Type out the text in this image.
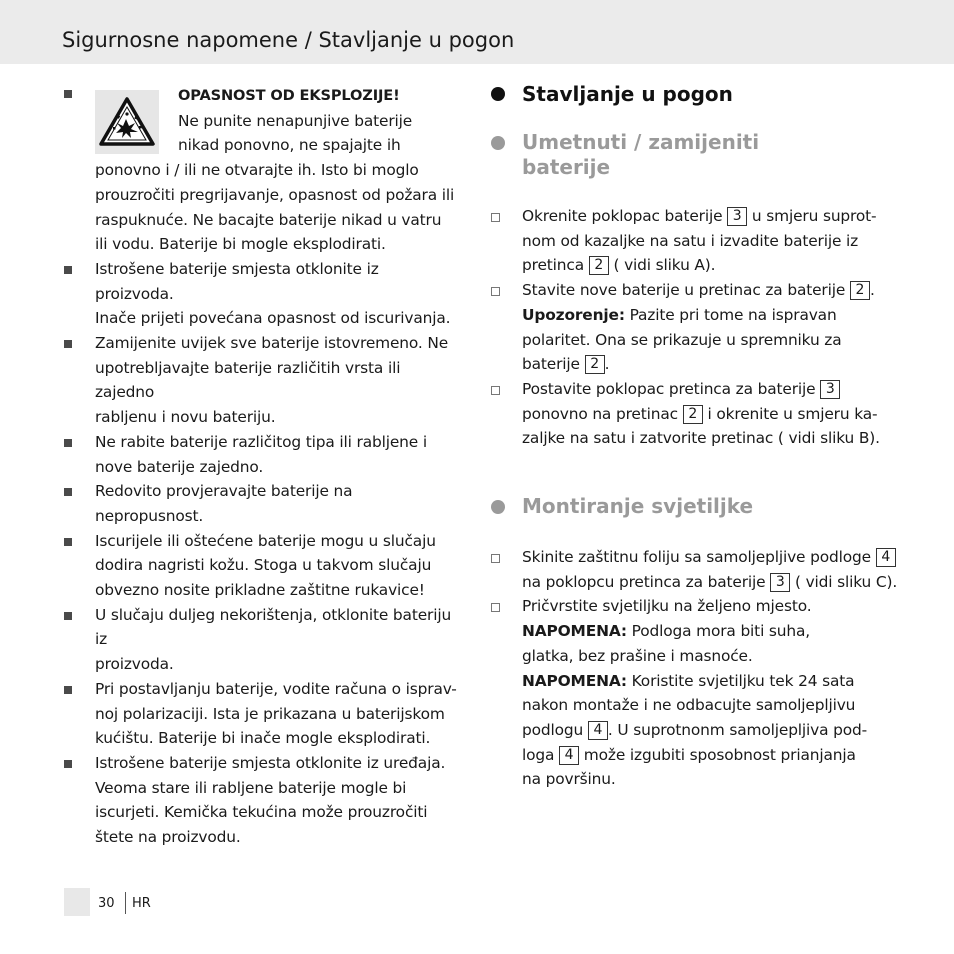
Sigurnosne napomene / Stavljanje u pogon
OPASNOST OD EKSPLOZIJE!
Ne punite nenapunjive baterije
nikad ponovno, ne spajajte ih
ponovno i / ili ne otvarajte ih. Isto bi moglo
prouzročiti pregrijavanje, opasnost od požara ili
raspuknuće. Ne bacajte baterije nikad u vatru
ili vodu. Baterije bi mogle eksplodirati.
Istrošene baterije smjesta otklonite iz proizvoda.
Inače prijeti povećana opasnost od iscurivanja.
Zamijenite uvijek sve baterije istovremeno. Ne
upotrebljavajte baterije različitih vrsta ili zajedno
rabljenu i novu bateriju.
Ne rabite baterije različitog tipa ili rabljene i
nove baterije zajedno.
Redovito provjeravajte baterije na nepropusnost.
Iscurijele ili oštećene baterije mogu u slučaju
dodira nagristi kožu. Stoga u takvom slučaju
obvezno nosite prikladne zaštitne rukavice!
U slučaju duljeg nekorištenja, otklonite bateriju iz
proizvoda.
Pri postavljanju baterije, vodite računa o isprav-
noj polarizaciji. Ista je prikazana u baterijskom
kućištu. Baterije bi inače mogle eksplodirati.
Istrošene baterije smjesta otklonite iz uređaja.
Veoma stare ili rabljene baterije mogle bi
iscurjeti. Kemička tekućina može prouzročiti
štete na proizvodu.
Stavljanje u pogon
Umetnuti / zamijeniti
baterije
Okrenite poklopac baterije 3 u smjeru suprot-
nom od kazaljke na satu i izvadite baterije iz
pretinca 2 ( vidi sliku A).
Stavite nove baterije u pretinac za baterije 2 .
Upozorenje: Pazite pri tome na ispravan
polaritet. Ona se prikazuje u spremniku za
baterije 2 .
Postavite poklopac pretinca za baterije 3
ponovno na pretinac 2 i okrenite u smjeru ka-
zaljke na satu i zatvorite pretinac ( vidi sliku B).
Montiranje svjetiljke
Skinite zaštitnu foliju sa samoljepljive podloge 4
na poklopcu pretinca za baterije 3 ( vidi sliku C).
Pričvrstite svjetiljku na željeno mjesto.
NAPOMENA: Podloga mora biti suha,
glatka, bez prašine i masnoće.
NAPOMENA: Koristite svjetiljku tek 24 sata
nakon montaže i ne odbacujte samoljepljivu
podlogu 4 . U suprotnonm samoljepljiva pod-
loga 4 može izgubiti sposobnost prianjanja
na površinu.
30 HR
